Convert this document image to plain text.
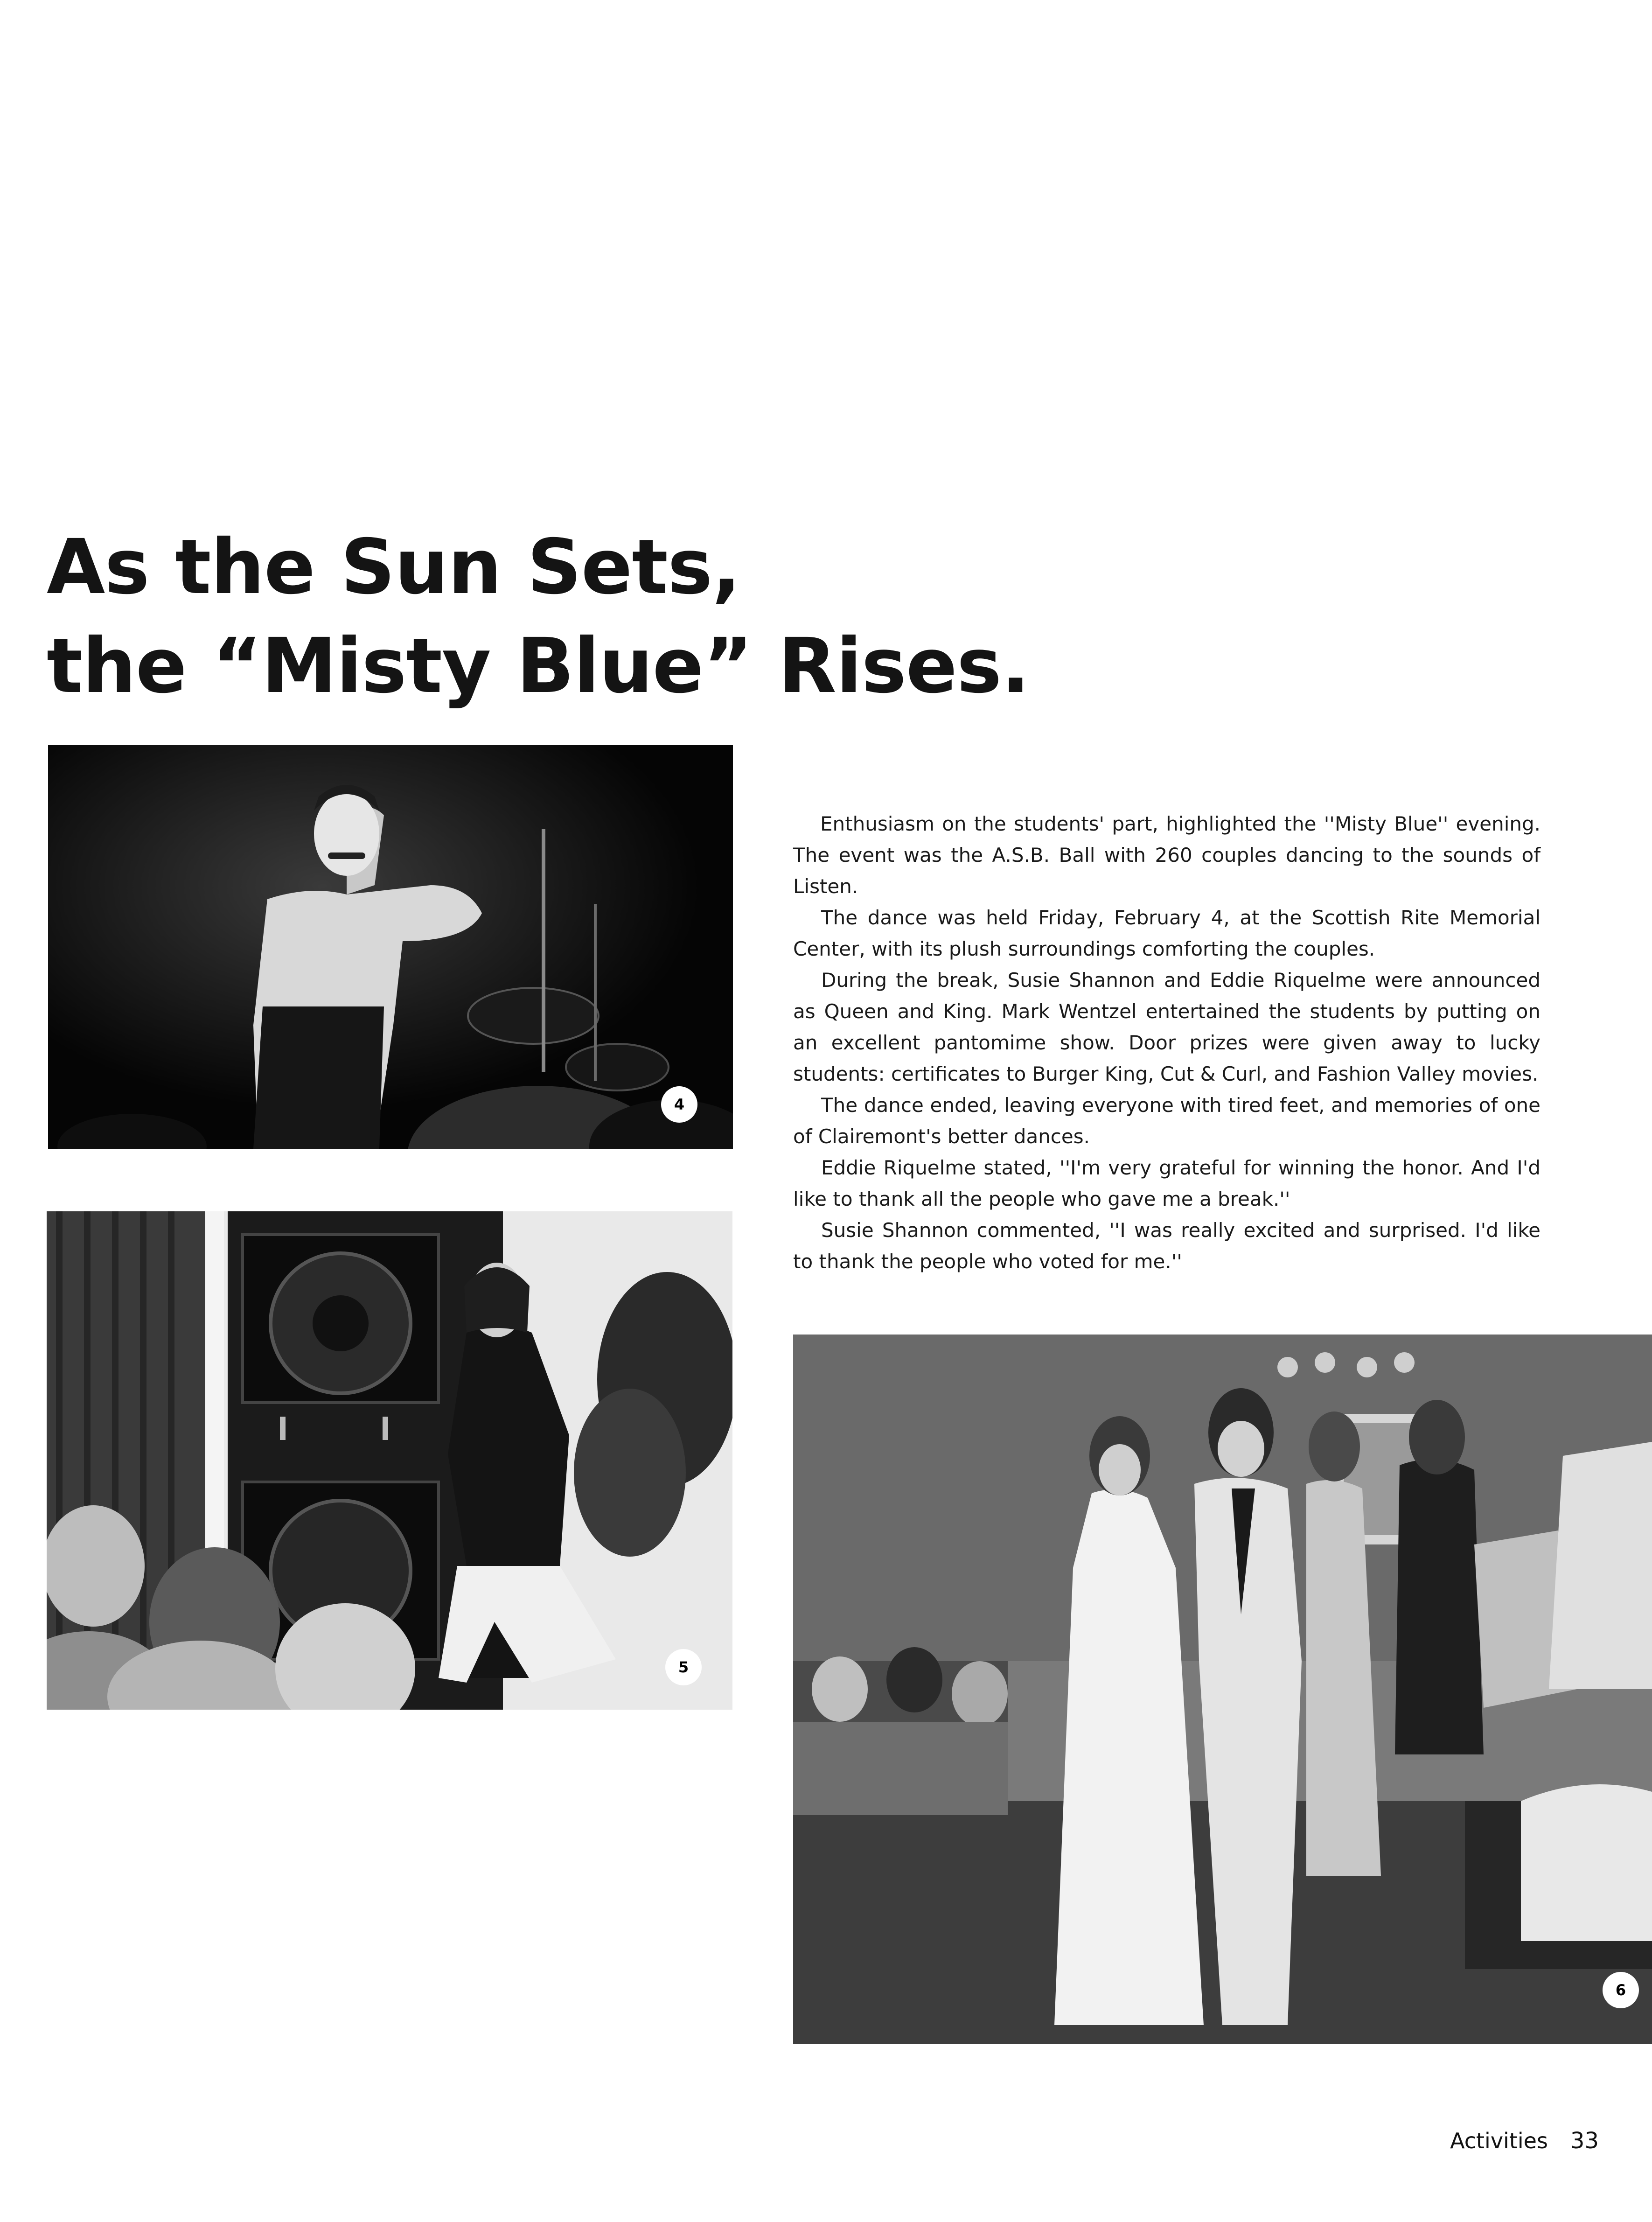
As the Sun Sets,
the “Misty Blue” Rises.
4
5
6

Enthusiasm on the students' part, highlighted the ''Misty Blue'' evening. The event was the A.S.B. Ball with 260 couples dancing to the sounds of Listen.

The dance was held Friday, February 4, at the Scottish Rite Memorial Center, with its plush surroundings comforting the couples.

During the break, Susie Shannon and Eddie Riquelme were announced as Queen and King. Mark Wentzel entertained the students by putting on an excellent pantomime show. Door prizes were given away to lucky students: certificates to Burger King, Cut & Curl, and Fashion Valley movies.

The dance ended, leaving everyone with tired feet, and memories of one of Clairemont's better dances.

Eddie Riquelme stated, ''I'm very grateful for winning the honor. And I'd like to thank all the people who gave me a break.''

Susie Shannon commented, ''I was really excited and surprised. I'd like to thank the people who voted for me.''

Activities 33
